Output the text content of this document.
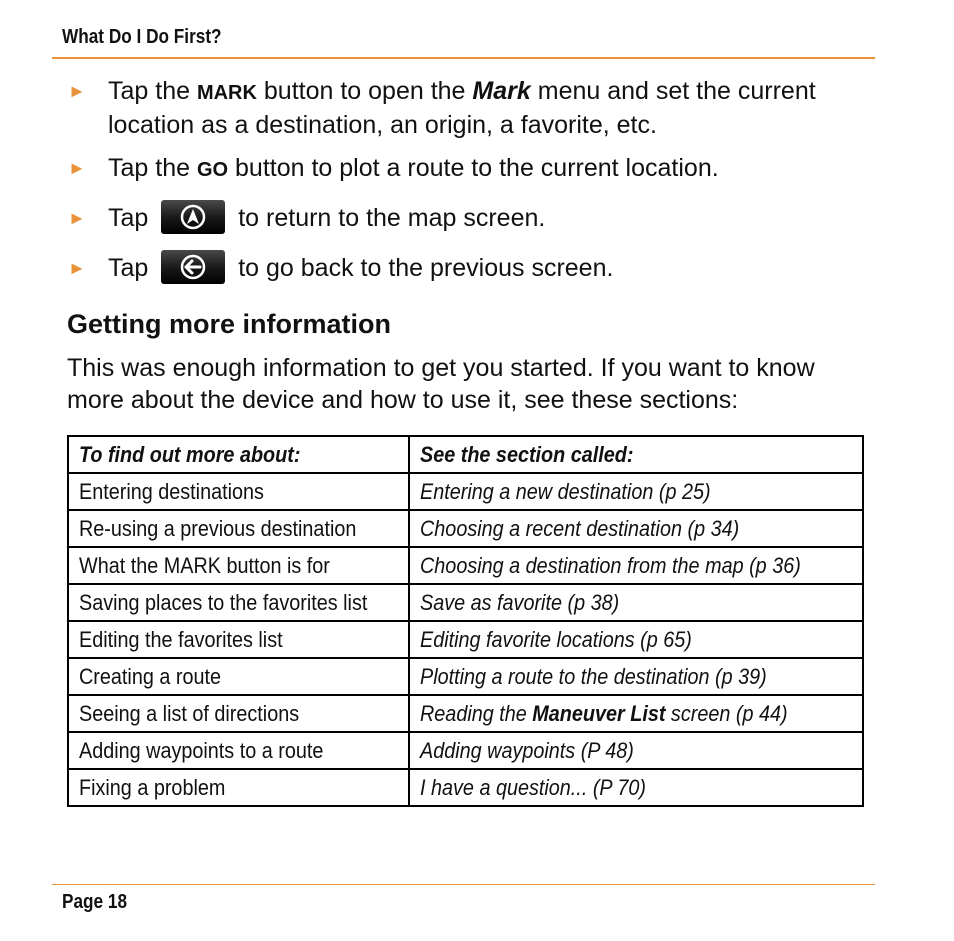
What Do I Do First?
► Tap the MARK button to open the Mark menu and set the current location as a destination, an origin, a favorite, etc.
► Tap the GO button to plot a route to the current location.
► Tap	to return to the map screen.
► Tap	to go back to the previous screen.
Getting more information

This was enough information to get you started. If you want to know more about the device and how to use it, see these sections:

To find out more about:	See the section called:
Entering destinations	Entering a new destination (p 25)
Re-using a previous destination	Choosing a recent destination (p 34)
What the MARK button is for	Choosing a destination from the map (p 36)
Saving places to the favorites list	Save as favorite (p 38)
Editing the favorites list	Editing favorite locations (p 65)
Creating a route	Plotting a route to the destination (p 39)
Seeing a list of directions	Reading the Maneuver List screen (p 44)
Adding waypoints to a route	Adding waypoints (P 48)
Fixing a problem	I have a question... (P 70)
Page 18
